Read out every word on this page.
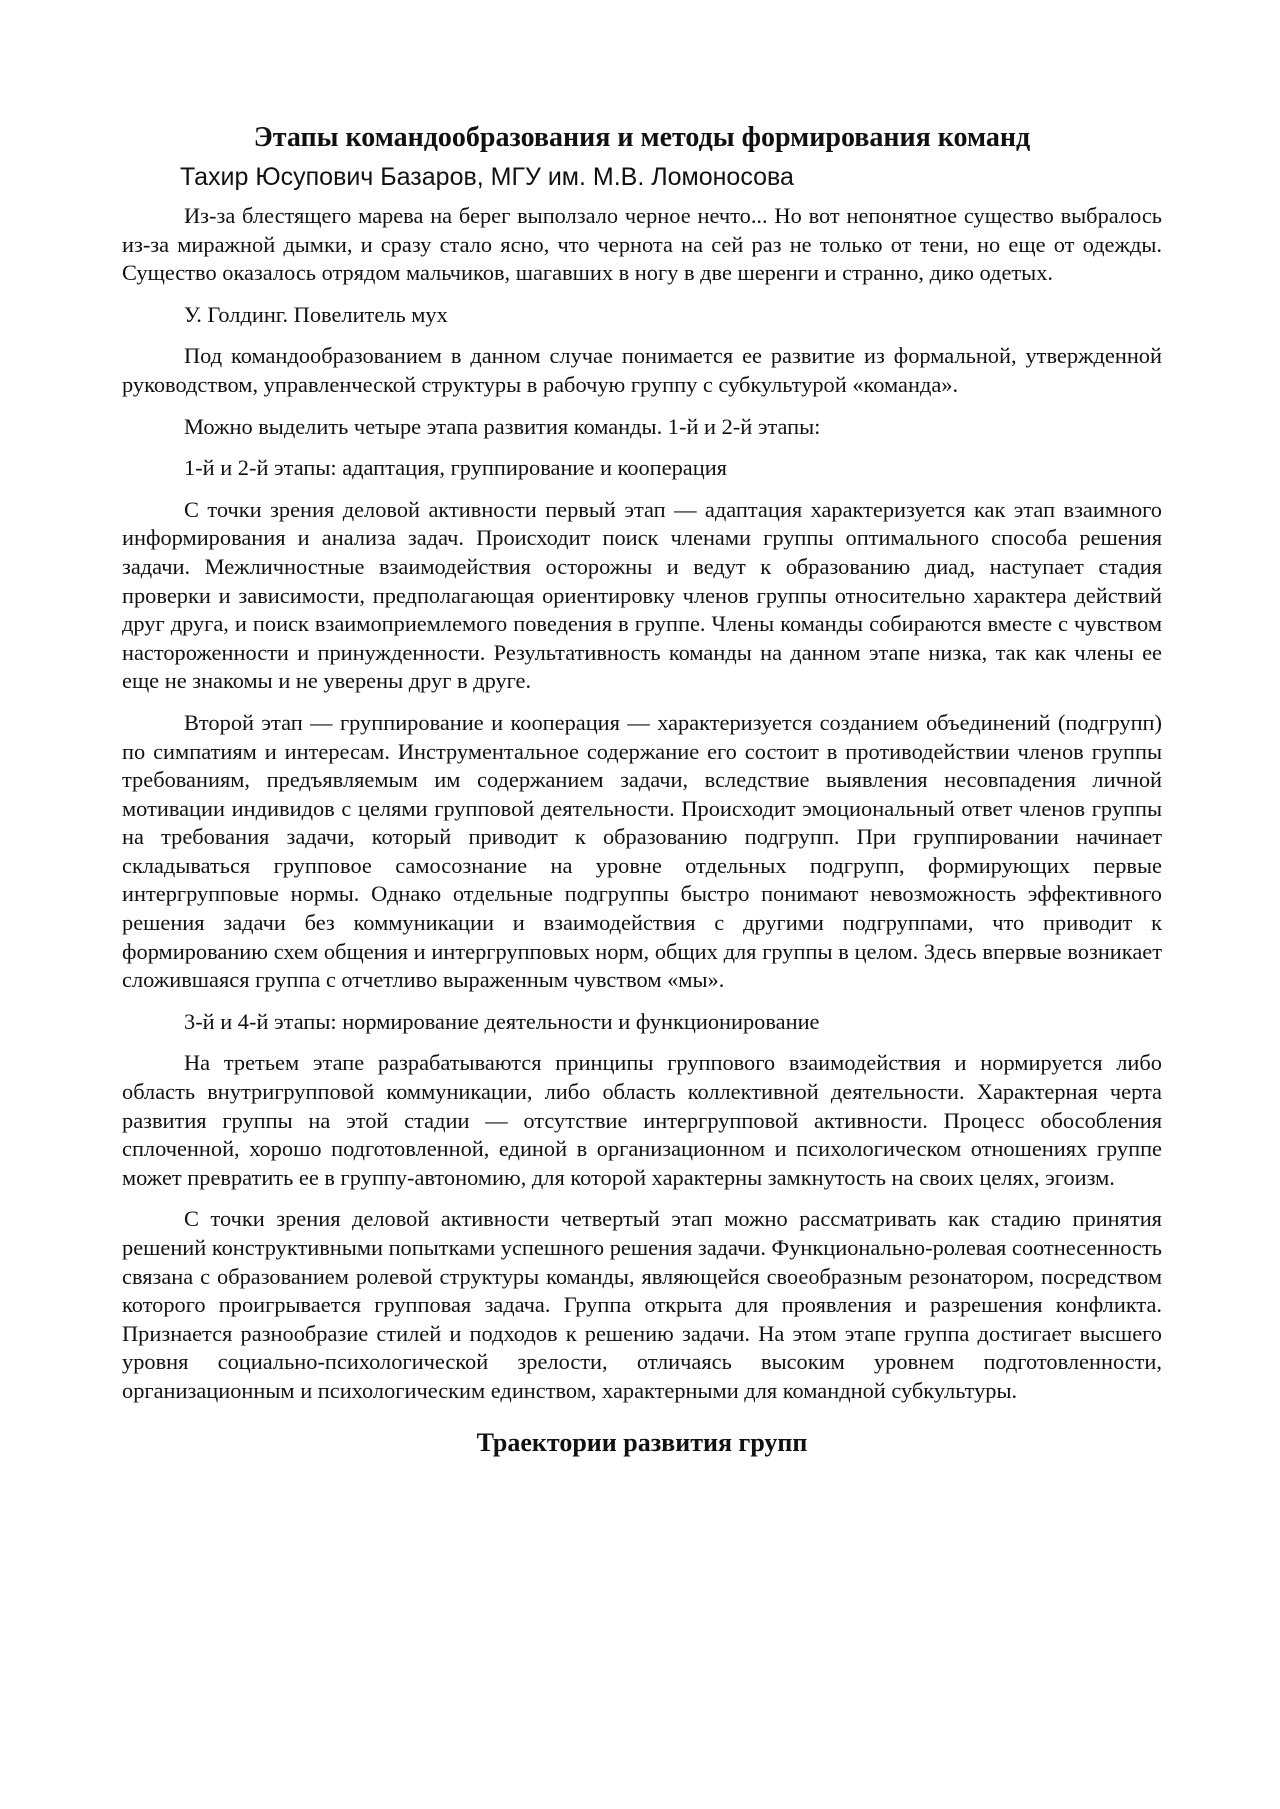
Этапы командообразования и методы формирования команд
Тахир Юсупович Базаров, МГУ им. М.В. Ломоносова

Из-за блестящего марева на берег выползало черное нечто... Но вот непонятное существо выбралось из-за миражной дымки, и сразу стало ясно, что чернота на сей раз не только от тени, но еще от одежды. Существо оказалось отрядом мальчиков, шагавших в ногу в две шеренги и странно, дико одетых.

У. Голдинг. Повелитель мух

Под командообразованием в данном случае понимается ее развитие из формальной, утвержденной руководством, управленческой структуры в рабочую группу с субкультурой «команда».

Можно выделить четыре этапа развития команды. 1-й и 2-й этапы:

1-й и 2-й этапы: адаптация, группирование и кооперация

С точки зрения деловой активности первый этап — адаптация характеризуется как этап взаимного информирования и анализа задач. Происходит поиск членами группы оптимального способа решения задачи. Межличностные взаимодействия осторожны и ведут к образованию диад, наступает стадия проверки и зависимости, предполагающая ориентировку членов группы относительно характера действий друг друга, и поиск взаимоприемлемого поведения в группе. Члены команды собираются вместе с чувством настороженности и принужденности. Результативность команды на данном этапе низка, так как члены ее еще не знакомы и не уверены друг в друге.

Второй этап — группирование и кооперация — характеризуется созданием объединений (подгрупп) по симпатиям и интересам. Инструментальное содержание его состоит в противодействии членов группы требованиям, предъявляемым им содержанием задачи, вследствие выявления несовпадения личной мотивации индивидов с целями групповой деятельности. Происходит эмоциональный ответ членов группы на требования задачи, который приводит к образованию подгрупп. При группировании начинает складываться групповое самосознание на уровне отдельных подгрупп, формирующих первые интергрупповые нормы. Однако отдельные подгруппы быстро понимают невозможность эффективного решения задачи без коммуникации и взаимодействия с другими подгруппами, что приводит к формированию схем общения и интергрупповых норм, общих для группы в целом. Здесь впервые возникает сложившаяся группа с отчетливо выраженным чувством «мы».

3-й и 4-й этапы: нормирование деятельности и функционирование

На третьем этапе разрабатываются принципы группового взаимодействия и нормируется либо область внутригрупповой коммуникации, либо область коллективной деятельности. Характерная черта развития группы на этой стадии — отсутствие интергрупповой активности. Процесс обособления сплоченной, хорошо подготовленной, единой в организационном и психологическом отношениях группе может превратить ее в группу-автономию, для которой характерны замкнутость на своих целях, эгоизм.

С точки зрения деловой активности четвертый этап можно рассматривать как стадию принятия решений конструктивными попытками успешного решения задачи. Функционально-ролевая соотнесенность связана с образованием ролевой структуры команды, являющейся своеобразным резонатором, посредством которого проигрывается групповая задача. Группа открыта для проявления и разрешения конфликта. Признается разнообразие стилей и подходов к решению задачи. На этом этапе группа достигает высшего уровня социально-психологической зрелости, отличаясь высоким уровнем подготовленности, организационным и психологическим единством, характерными для командной субкультуры.

Траектории развития групп
